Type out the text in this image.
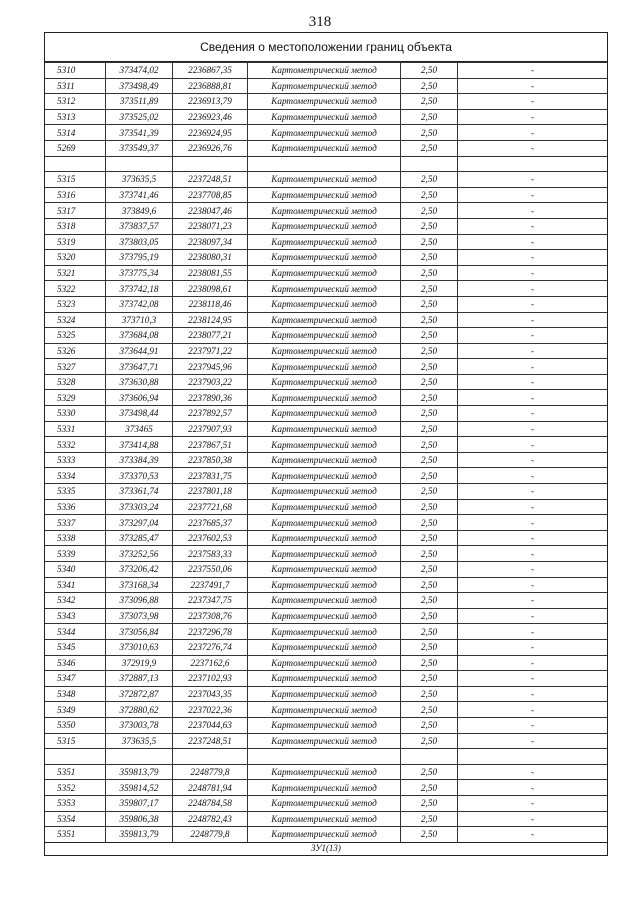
318
Сведения о местоположении границ объекта
5310	373474,02	2236867,35	Картометрический метод	2,50	-
5311	373498,49	2236888,81	Картометрический метод	2,50	-
5312	373511,89	2236913,79	Картометрический метод	2,50	-
5313	373525,02	2236923,46	Картометрический метод	2,50	-
5314	373541,39	2236924,95	Картометрический метод	2,50	-
5269	373549,37	2236926,76	Картометрический метод	2,50	-

5315	373635,5	2237248,51	Картометрический метод	2,50	-
5316	373741,46	2237708,85	Картометрический метод	2,50	-
5317	373849,6	2238047,46	Картометрический метод	2,50	-
5318	373837,57	2238071,23	Картометрический метод	2,50	-
5319	373803,05	2238097,34	Картометрический метод	2,50	-
5320	373795,19	2238080,31	Картометрический метод	2,50	-
5321	373775,34	2238081,55	Картометрический метод	2,50	-
5322	373742,18	2238098,61	Картометрический метод	2,50	-
5323	373742,08	2238118,46	Картометрический метод	2,50	-
5324	373710,3	2238124,95	Картометрический метод	2,50	-
5325	373684,08	2238077,21	Картометрический метод	2,50	-
5326	373644,91	2237971,22	Картометрический метод	2,50	-
5327	373647,71	2237945,96	Картометрический метод	2,50	-
5328	373630,88	2237903,22	Картометрический метод	2,50	-
5329	373606,94	2237890,36	Картометрический метод	2,50	-
5330	373498,44	2237892,57	Картометрический метод	2,50	-
5331	373465	2237907,93	Картометрический метод	2,50	-
5332	373414,88	2237867,51	Картометрический метод	2,50	-
5333	373384,39	2237850,38	Картометрический метод	2,50	-
5334	373370,53	2237831,75	Картометрический метод	2,50	-
5335	373361,74	2237801,18	Картометрический метод	2,50	-
5336	373303,24	2237721,68	Картометрический метод	2,50	-
5337	373297,04	2237685,37	Картометрический метод	2,50	-
5338	373285,47	2237602,53	Картометрический метод	2,50	-
5339	373252,56	2237583,33	Картометрический метод	2,50	-
5340	373206,42	2237550,06	Картометрический метод	2,50	-
5341	373168,34	2237491,7	Картометрический метод	2,50	-
5342	373096,88	2237347,75	Картометрический метод	2,50	-
5343	373073,98	2237308,76	Картометрический метод	2,50	-
5344	373056,84	2237296,78	Картометрический метод	2,50	-
5345	373010,63	2237276,74	Картометрический метод	2,50	-
5346	372919,9	2237162,6	Картометрический метод	2,50	-
5347	372887,13	2237102,93	Картометрический метод	2,50	-
5348	372872,87	2237043,35	Картометрический метод	2,50	-
5349	372880,62	2237022,36	Картометрический метод	2,50	-
5350	373003,78	2237044,63	Картометрический метод	2,50	-
5315	373635,5	2237248,51	Картометрический метод	2,50	-

5351	359813,79	2248779,8	Картометрический метод	2,50	-
5352	359814,52	2248781,94	Картометрический метод	2,50	-
5353	359807,17	2248784,58	Картометрический метод	2,50	-
5354	359806,38	2248782,43	Картометрический метод	2,50	-
5351	359813,79	2248779,8	Картометрический метод	2,50	-
ЗУ1(13)
